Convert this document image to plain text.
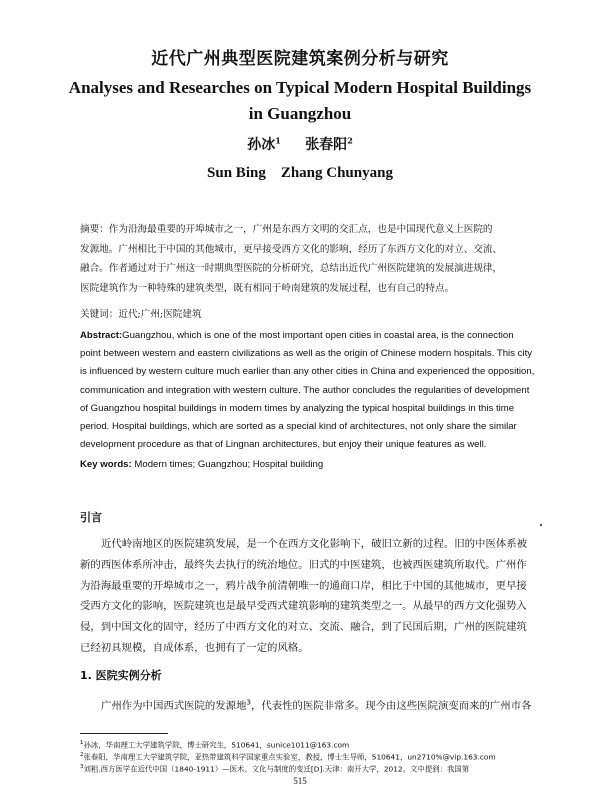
近代广州典型医院建筑案例分析与研究
Analyses and Researches on Typical Modern Hospital Buildings
in Guangzhou
孙冰$^1$ 张春阳$^2$
Sun Bing    Zhang Chunyang
摘要：作为沿海最重要的开埠城市之一，广州是东西方文明的交汇点，也是中国现代意义上医院的
发源地。广州相比于中国的其他城市，更早接受西方文化的影响，经历了东西方文化的对立、交流、
融合。作者通过对于广州这一时期典型医院的分析研究，总结出近代广州医院建筑的发展演进规律，
医院建筑作为一种特殊的建筑类型，既有相同于岭南建筑的发展过程，也有自己的特点。
关键词：近代;广州;医院建筑
Abstract:Guangzhou, which is one of the most important open cities in coastal area, is the connection
point between western and eastern civilizations as well as the origin of Chinese modern hospitals. This city
is influenced by western culture much earlier than any other cities in China and experienced the opposition,
communication and integration with western culture. The author concludes the regularities of development
of Guangzhou hospital buildings in modern times by analyzing the typical hospital buildings in this time
period. Hospital buildings, which are sorted as a special kind of architectures, not only share the similar
development procedure as that of Lingnan architectures, but enjoy their unique features as well.
Key words: Modern times; Guangzhou; Hospital building
引言
近代岭南地区的医院建筑发展，是一个在西方文化影响下，破旧立新的过程。旧的中医体系被
新的西医体系所冲击，最终失去执行的统治地位。旧式的中医建筑，也被西医建筑所取代。广州作
为沿海最重要的开埠城市之一，鸦片战争前清朝唯一的通商口岸，相比于中国的其他城市，更早接
受西方文化的影响，医院建筑也是最早受西式建筑影响的建筑类型之一。从最早的西方文化强势入
侵，到中国文化的固守，经历了中西方文化的对立、交流、融合，到了民国后期，广州的医院建筑
已经初具规模，自成体系，也拥有了一定的风格。
1. 医院实例分析
广州作为中国西式医院的发源地$^3$，代表性的医院非常多。现今由这些医院演变而来的广州市各
$^1$孙冰，华南理工大学建筑学院，博士研究生，510641，sunice1011@163.com
$^2$张春阳，华南理工大学建筑学院，亚热带建筑科学国家重点实验室，教授，博士生导师，510641，un2710%@vip.163.com
$^3$刘粗.西方医学在近代中国（1840-1911）—医术、文化与制度的变迁[D].天津：南开大学，2012。文中提到：我国第
515
